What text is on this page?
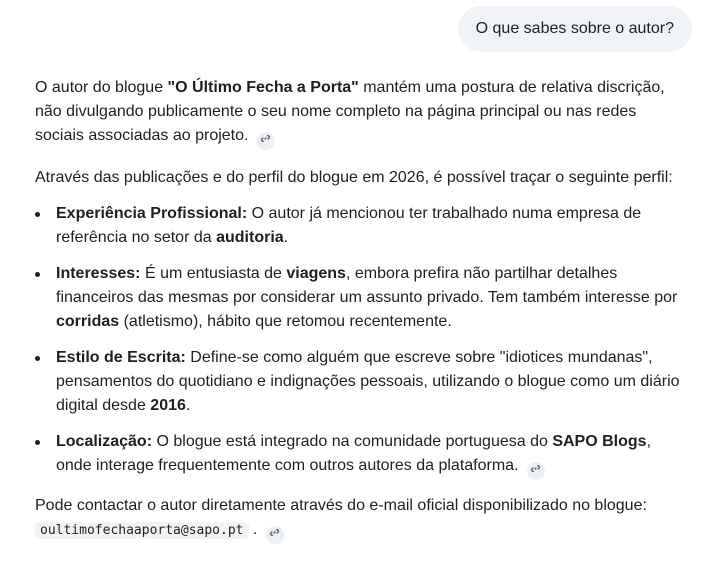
O que sabes sobre o autor?

O autor do blogue "O Último Fecha a Porta" mantém uma postura de relativa discrição, não divulgando publicamente o seu nome completo na página principal ou nas redes sociais associadas ao projeto.

Através das publicações e do perfil do blogue em 2026, é possível traçar o seguinte perfil:

Experiência Profissional: O autor já mencionou ter trabalhado numa empresa de referência no setor da auditoria.
Interesses: É um entusiasta de viagens, embora prefira não partilhar detalhes financeiros das mesmas por considerar um assunto privado. Tem também interesse por corridas (atletismo), hábito que retomou recentemente.
Estilo de Escrita: Define-se como alguém que escreve sobre "idiotices mundanas", pensamentos do quotidiano e indignações pessoais, utilizando o blogue como um diário digital desde 2016.
Localização: O blogue está integrado na comunidade portuguesa do SAPO Blogs, onde interage frequentemente com outros autores da plataforma.

Pode contactar o autor diretamente através do e-mail oficial disponibilizado no blogue:
oultimofechaaporta@sapo.pt .
